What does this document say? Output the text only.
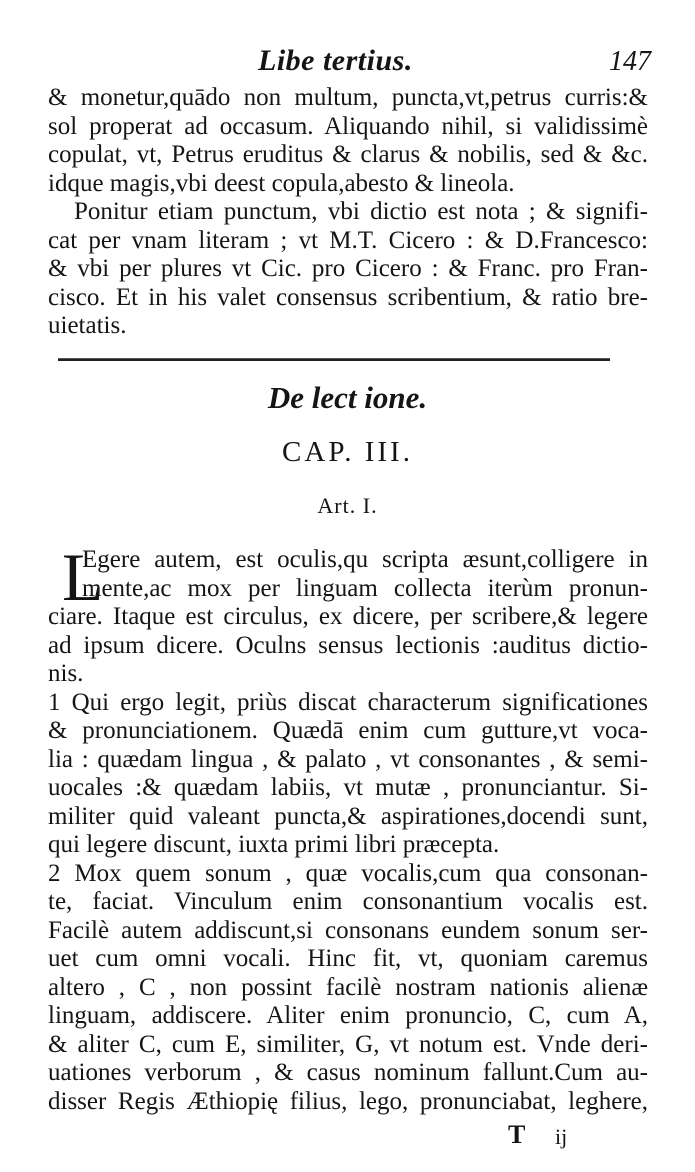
Libe tertius.	147
& monetur,quādo non multum, puncta,vt,petrus curris:&
sol properat ad occasum. Aliquando nihil, si validissimè
copulat, vt, Petrus eruditus & clarus & nobilis, sed & &c.
idque magis,vbi deest copula,abesto & lineola.
Ponitur etiam punctum, vbi dictio est nota ; & signifi-
cat per vnam literam ; vt M.T. Cicero : & D.Francesco:
& vbi per plures vt Cic. pro Cicero : & Franc. pro Fran-
cisco. Et in his valet consensus scribentium, & ratio bre-
uietatis.
De lect ione.
CAP. III.
Art. I.
L
Egere autem, est oculis,qu scripta æsunt,colligere in
mente,ac mox per linguam collecta iterùm pronun-
ciare. Itaque est circulus, ex dicere, per scribere,& legere
ad ipsum dicere. Oculns sensus lectionis :auditus dictio-
nis.
1 Qui ergo legit, priùs discat characterum significationes
& pronunciationem. Quædā enim cum gutture,vt voca-
lia : quædam lingua , & palato , vt consonantes , & semi-
uocales :& quædam labiis, vt mutæ , pronunciantur. Si-
militer quid valeant puncta,& aspirationes,docendi sunt,
qui legere discunt, iuxta primi libri præcepta.
2 Mox quem sonum , quæ vocalis,cum qua consonan-
te, faciat. Vinculum enim consonantium vocalis est.
Facilè autem addiscunt,si consonans eundem sonum ser-
uet cum omni vocali. Hinc fit, vt, quoniam caremus
altero , C , non possint facilè nostram nationis alienæ
linguam, addiscere. Aliter enim pronuncio, C, cum A,
& aliter C, cum E, similiter, G, vt notum est. Vnde deri-
uationes verborum , & casus nominum fallunt.Cum au-
disser Regis Æthiopię filius, lego, pronunciabat, leghere,
T ij
